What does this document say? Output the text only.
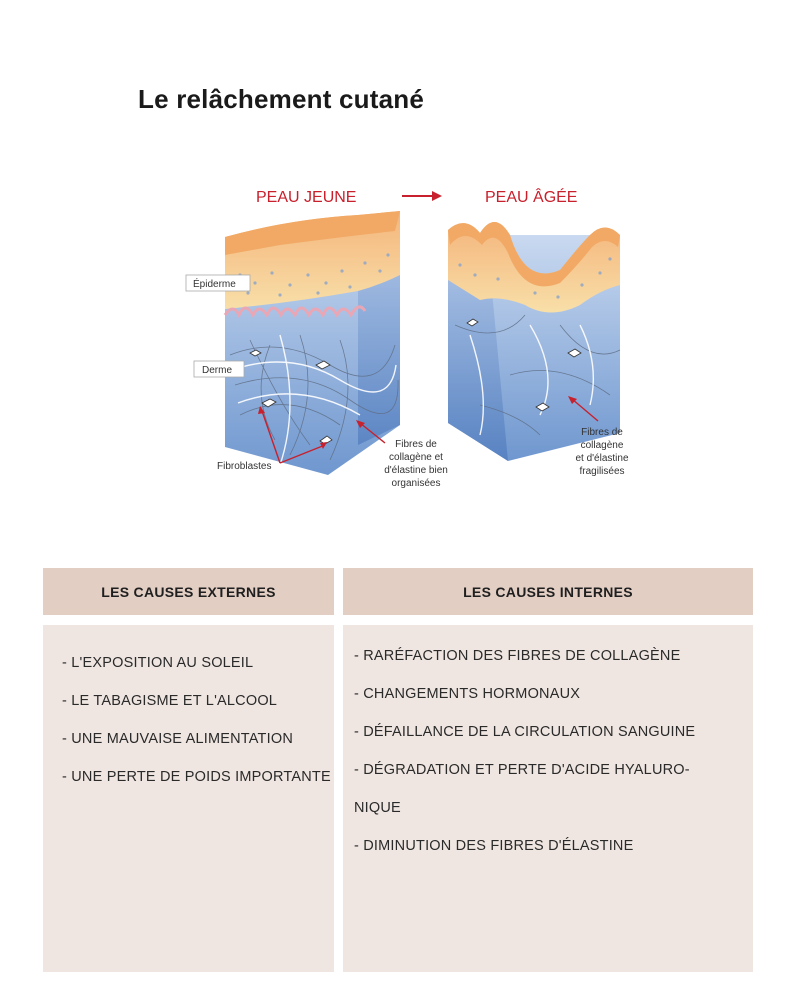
Le relâchement cutané
PEAU JEUNE	PEAU ÂGÉE
Épiderme
Derme
Fibroblastes
Fibres de
collagène et
d'élastine bien
organisées
Fibres de
collagène
et d'élastine
fragilisées
LES CAUSES EXTERNES	LES CAUSES INTERNES
- L'EXPOSITION AU SOLEIL
- LE TABAGISME ET L'ALCOOL
- UNE MAUVAISE ALIMENTATION
- UNE PERTE DE POIDS IMPORTANTE
- RARÉFACTION DES FIBRES DE COLLAGÈNE
- CHANGEMENTS HORMONAUX
- DÉFAILLANCE DE LA CIRCULATION SANGUINE
- DÉGRADATION ET PERTE D'ACIDE HYALURO-
NIQUE
- DIMINUTION DES FIBRES D'ÉLASTINE
